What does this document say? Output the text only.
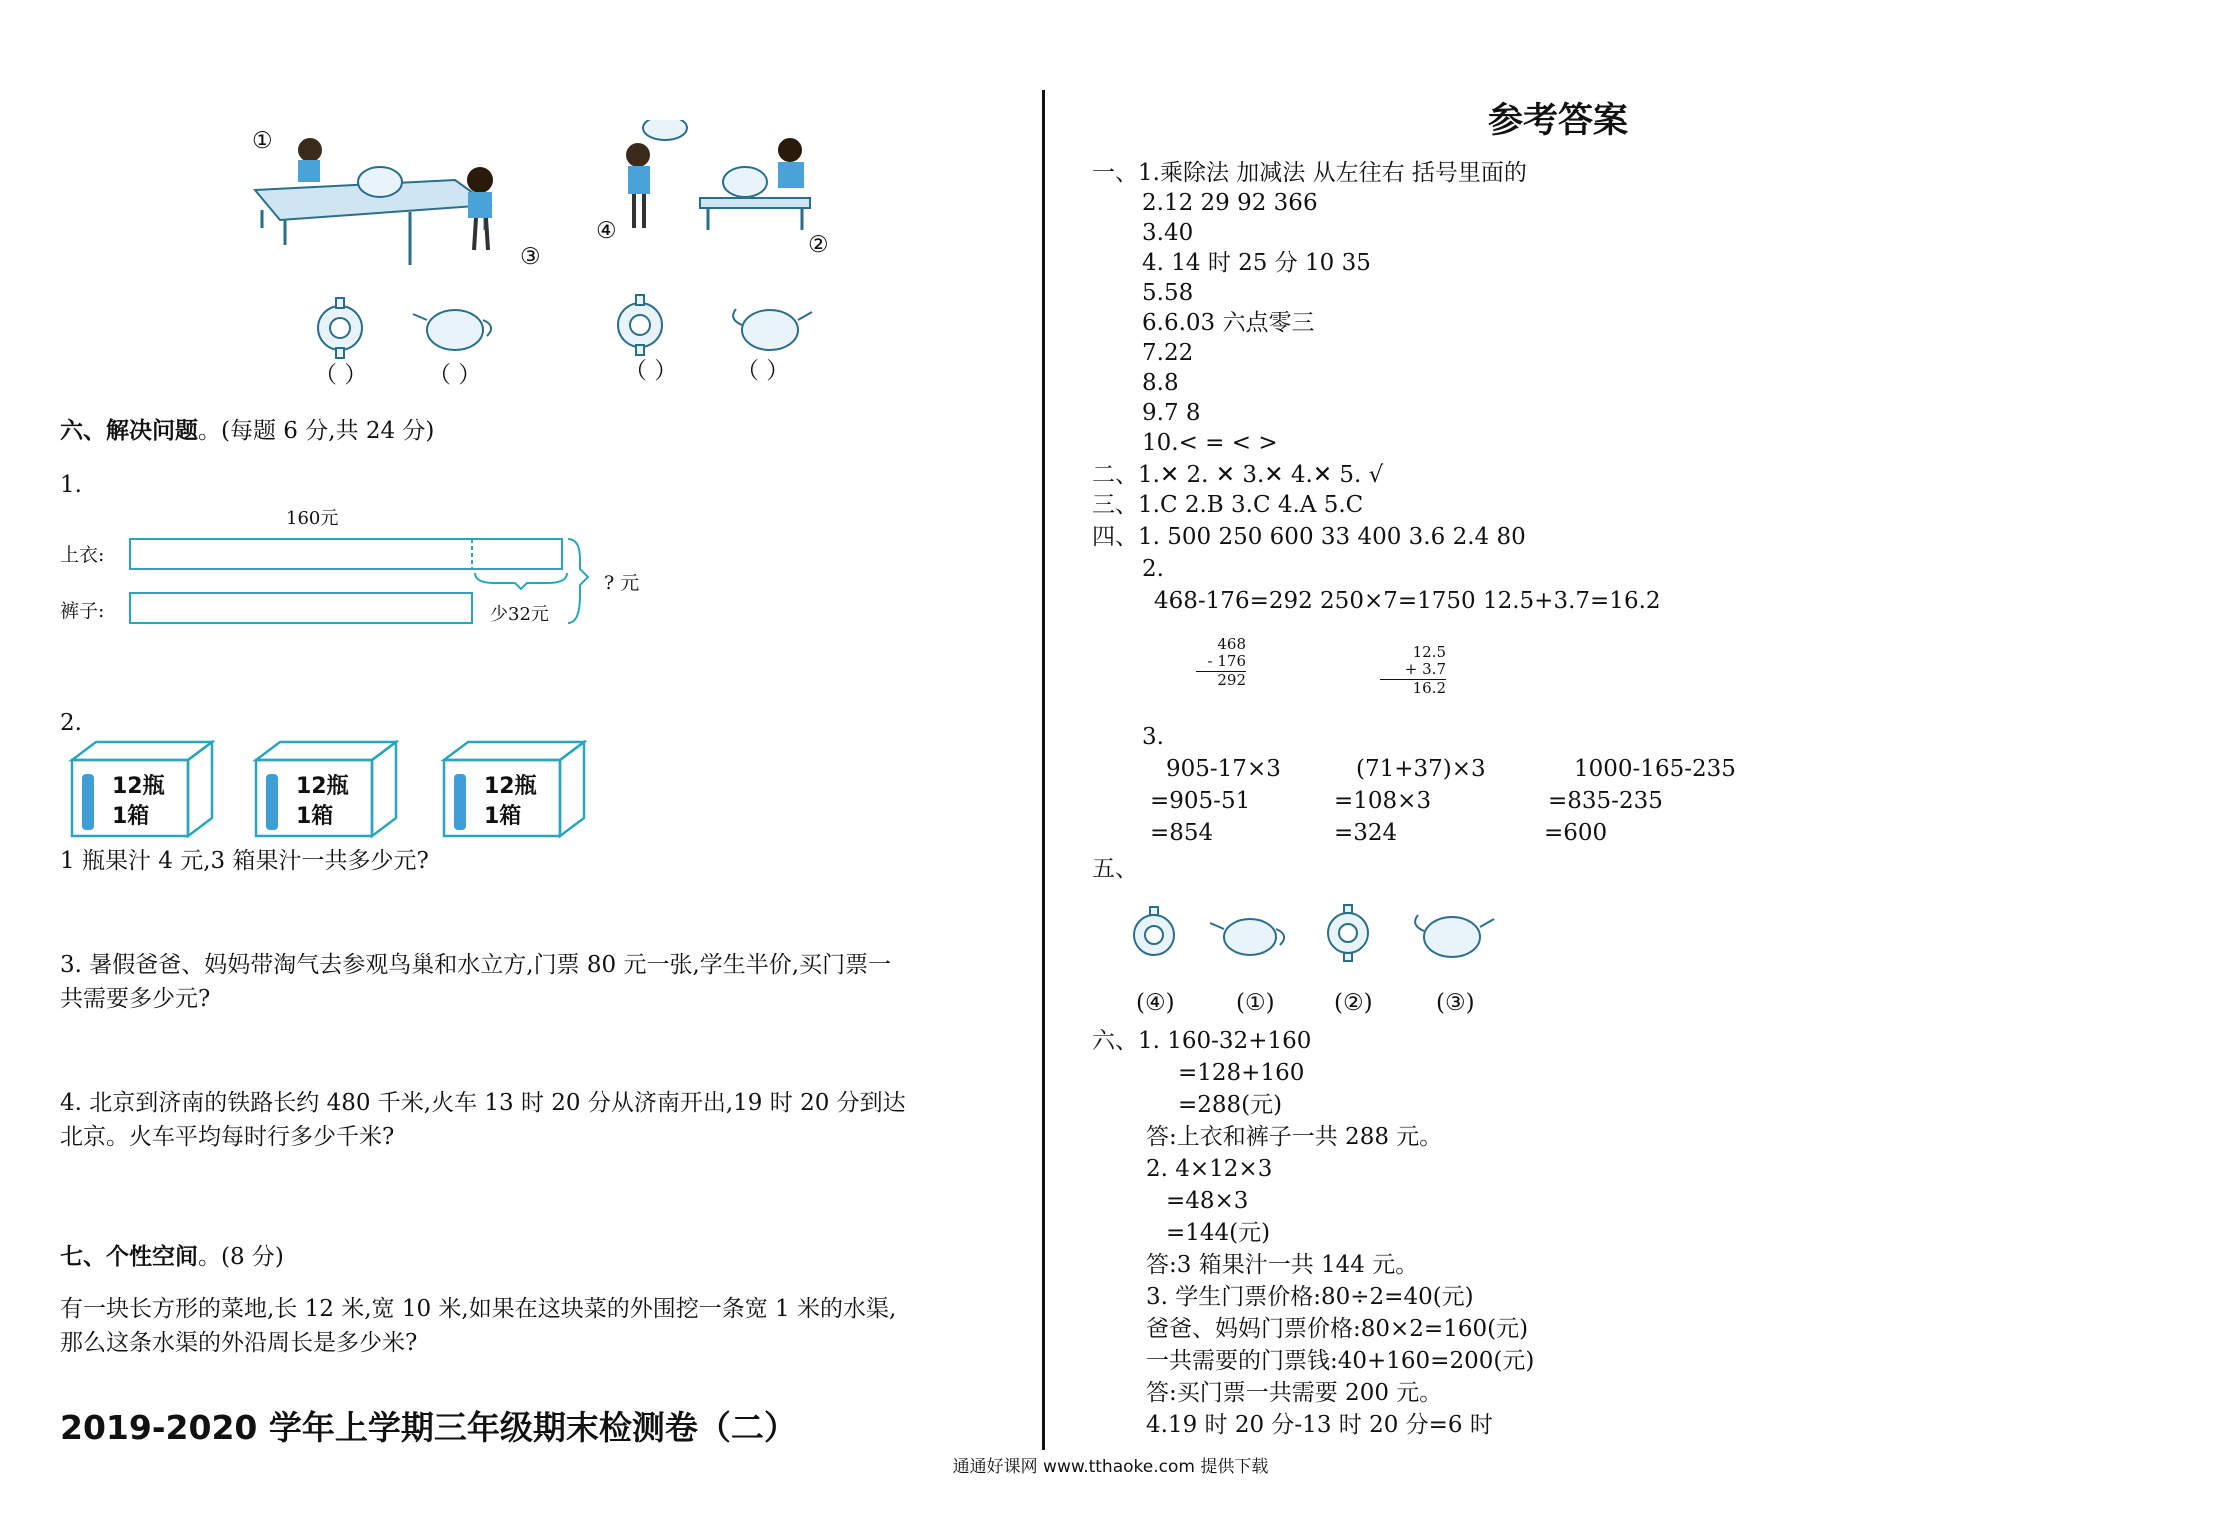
①
③
④
②
（ ）	（ ）	（ ）	（ ）
六、解决问题。(每题 6 分,共 24 分)
1.
160元
上衣:
裤子:	少32元
? 元
2.
12瓶
1箱
12瓶
1箱
12瓶
1箱
1 瓶果汁 4 元,3 箱果汁一共多少元?
3. 暑假爸爸、妈妈带淘气去参观鸟巢和水立方,门票 80 元一张,学生半价,买门票一
共需要多少元?
4. 北京到济南的铁路长约 480 千米,火车 13 时 20 分从济南开出,19 时 20 分到达
北京。火车平均每时行多少千米?
七、个性空间。(8 分)
有一块长方形的菜地,长 12 米,宽 10 米,如果在这块菜的外围挖一条宽 1 米的水渠,
那么这条水渠的外沿周长是多少米?
2019-2020 学年上学期三年级期末检测卷（二）
参考答案
一、1.乘除法 加减法 从左往右 括号里面的
2.12 29 92 366
3.40
4. 14 时 25 分 10 35
5.58
6.6.03 六点零三
7.22
8.8
9.7 8
10.< = < >
二、1.✕ 2. ✕ 3.✕ 4.✕ 5. √
三、1.C 2.B 3.C 4.A 5.C
四、1. 500 250 600 33 400 3.6 2.4 80
2.
468-176=292 250×7=1750 12.5+3.7=16.2
468
- 176
292
12.5
+ 3.7
16.2
3.
905-17×3
=905-51
=854
(71+37)×3
=108×3
=324
1000-165-235
=835-235
=600
五、
(④)	(①)	(②)	(③)
六、1. 160-32+160
=128+160
=288(元)
答:上衣和裤子一共 288 元。
2. 4×12×3
=48×3
=144(元)
答:3 箱果汁一共 144 元。
3. 学生门票价格:80÷2=40(元)
爸爸、妈妈门票价格:80×2=160(元)
一共需要的门票钱:40+160=200(元)
答:买门票一共需要 200 元。
4.19 时 20 分-13 时 20 分=6 时
通通好课网 www.tthaoke.com 提供下载
